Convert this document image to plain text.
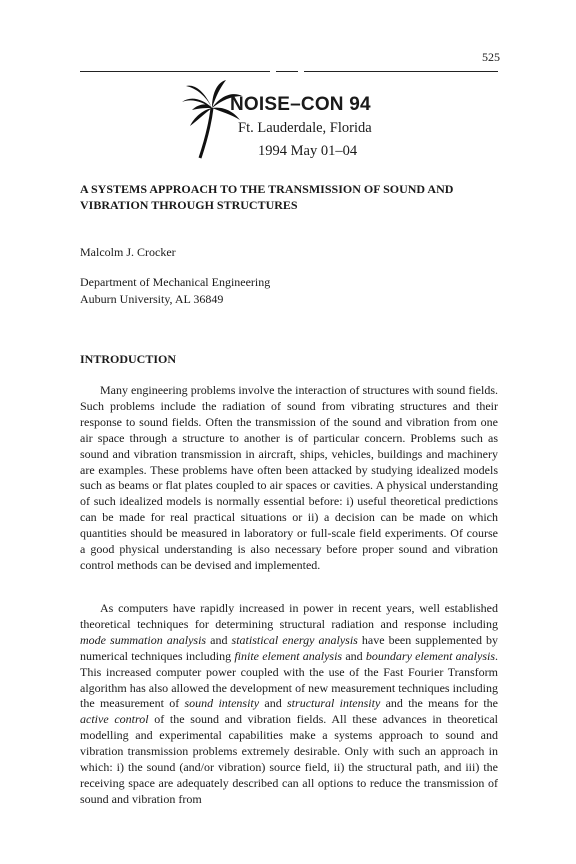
525
NOISE–CON 94
Ft. Lauderdale, Florida
1994 May 01–04
A SYSTEMS APPROACH TO THE TRANSMISSION OF SOUND AND VIBRATION THROUGH STRUCTURES
Malcolm J. Crocker
Department of Mechanical Engineering
Auburn University, AL 36849
INTRODUCTION

Many engineering problems involve the interaction of structures with sound fields. Such problems include the radiation of sound from vibrating structures and their response to sound fields. Often the transmission of the sound and vibration from one air space through a structure to another is of particular concern. Problems such as sound and vibration transmission in aircraft, ships, vehicles, buildings and machinery are examples. These problems have often been attacked by studying idealized models such as beams or flat plates coupled to air spaces or cavities. A physical understanding of such idealized models is normally essential before: i) useful theoretical predictions can be made for real practical situations or ii) a decision can be made on which quantities should be measured in laboratory or full-scale field experiments. Of course a good physical understanding is also necessary before proper sound and vibration control methods can be devised and implemented.

As computers have rapidly increased in power in recent years, well established theoretical techniques for determining structural radiation and response including mode summation analysis and statistical energy analysis have been supplemented by numerical techniques including finite element analysis and boundary element analysis. This increased computer power coupled with the use of the Fast Fourier Transform algorithm has also allowed the development of new measurement techniques including the measurement of sound intensity and structural intensity and the means for the active control of the sound and vibration fields. All these advances in theoretical modelling and experimental capabilities make a systems approach to sound and vibration transmission problems extremely desirable. Only with such an approach in which: i) the sound (and/or vibration) source field, ii) the structural path, and iii) the receiving space are adequately described can all options to reduce the transmission of sound and vibration from
